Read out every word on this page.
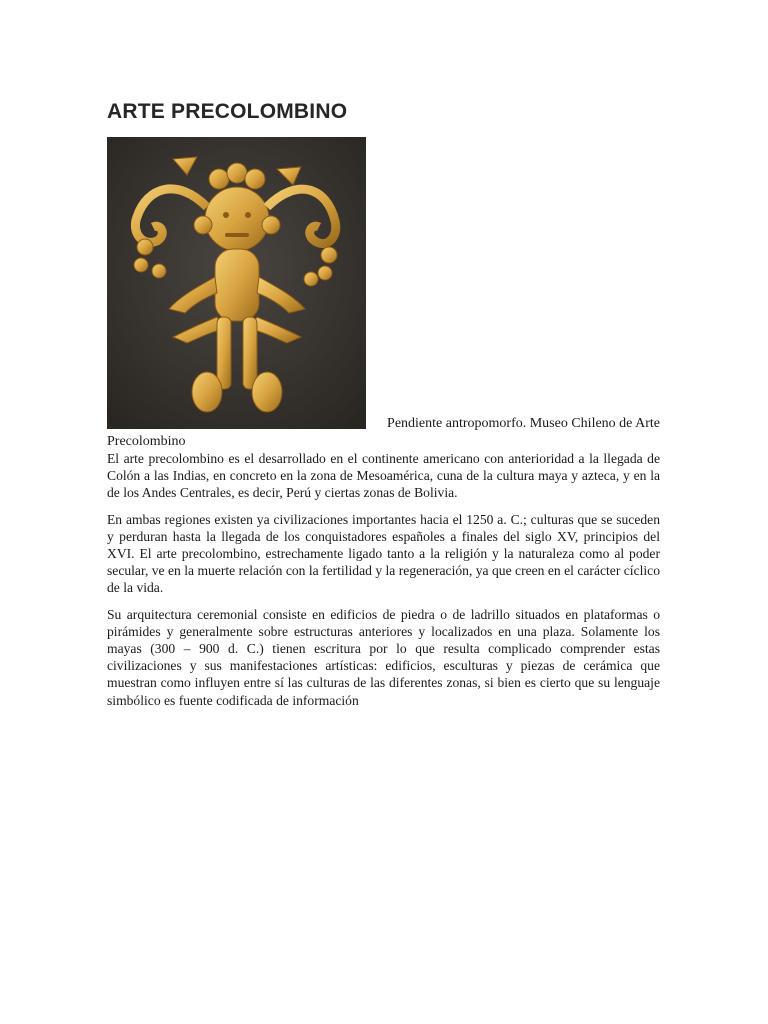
ARTE PRECOLOMBINO
Pendiente antropomorfo. Museo Chileno de Arte
Precolombino

El arte precolombino es el desarrollado en el continente americano con anterioridad a la llegada de Colón a las Indias, en concreto en la zona de Mesoamérica, cuna de la cultura maya y azteca, y en la de los Andes Centrales, es decir, Perú y ciertas zonas de Bolivia.

En ambas regiones existen ya civilizaciones importantes hacia el 1250 a. C.; culturas que se suceden y perduran hasta la llegada de los conquistadores españoles a finales del siglo XV, principios del XVI. El arte precolombino, estrechamente ligado tanto a la religión y la naturaleza como al poder secular, ve en la muerte relación con la fertilidad y la regeneración, ya que creen en el carácter cíclico de la vida.

Su arquitectura ceremonial consiste en edificios de piedra o de ladrillo situados en plataformas o pirámides y generalmente sobre estructuras anteriores y localizados en una plaza. Solamente los mayas (300 – 900 d. C.) tienen escritura por lo que resulta complicado comprender estas civilizaciones y sus manifestaciones artísticas: edificios, esculturas y piezas de cerámica que muestran como influyen entre sí las culturas de las diferentes zonas, si bien es cierto que su lenguaje simbólico es fuente codificada de información
